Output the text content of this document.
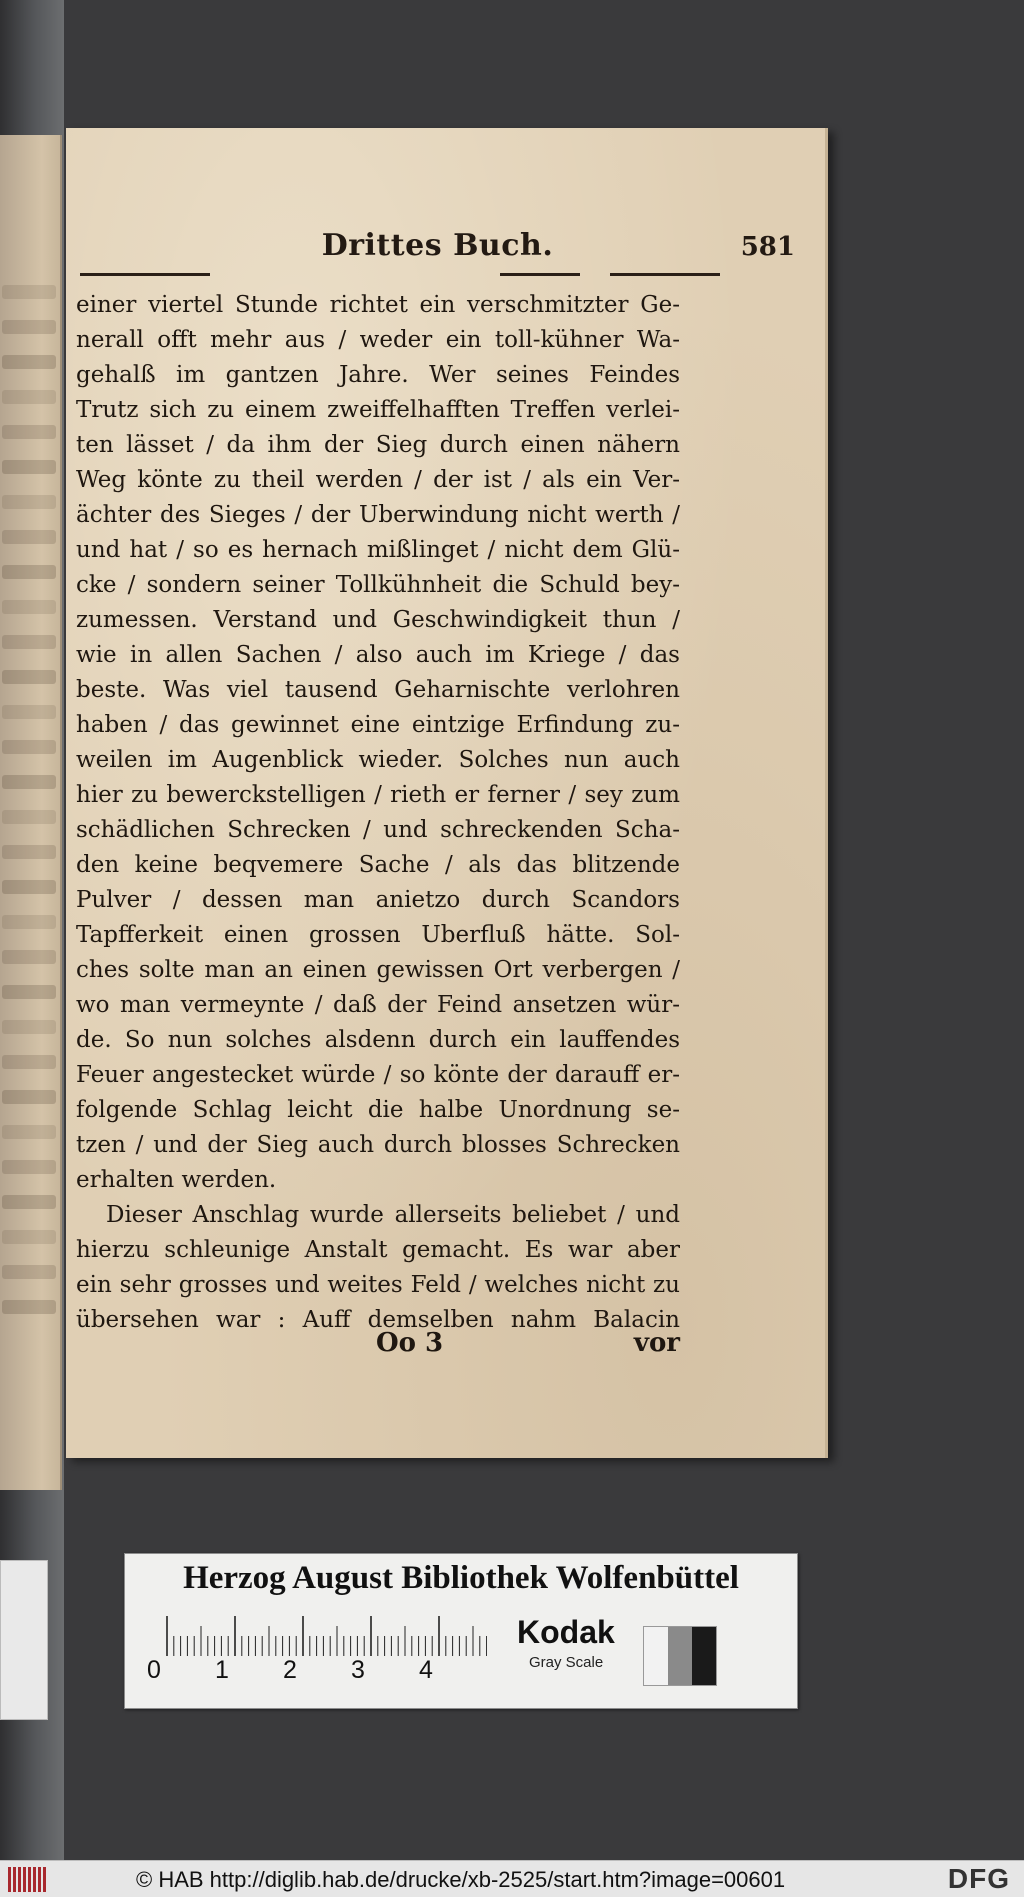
Drittes Buch.	581
einer viertel Stunde richtet ein verschmitzter Ge-
nerall offt mehr aus / weder ein toll-kühner Wa-
gehalß im gantzen Jahre. Wer seines Feindes
Trutz sich zu einem zweiffelhafften Treffen verlei-
ten lässet / da ihm der Sieg durch einen nähern
Weg könte zu theil werden / der ist / als ein Ver-
ächter des Sieges / der Uberwindung nicht werth /
und hat / so es hernach mißlinget / nicht dem Glü-
cke / sondern seiner Tollkühnheit die Schuld bey-
zumessen. Verstand und Geschwindigkeit thun /
wie in allen Sachen / also auch im Kriege / das
beste. Was viel tausend Geharnischte verlohren
haben / das gewinnet eine eintzige Erfindung zu-
weilen im Augenblick wieder. Solches nun auch
hier zu bewerckstelligen / rieth er ferner / sey zum
schädlichen Schrecken / und schreckenden Scha-
den keine beqvemere Sache / als das blitzende
Pulver / dessen man anietzo durch Scandors
Tapfferkeit einen grossen Uberfluß hätte. Sol-
ches solte man an einen gewissen Ort verbergen /
wo man vermeynte / daß der Feind ansetzen wür-
de. So nun solches alsdenn durch ein lauffendes
Feuer angestecket würde / so könte der darauff er-
folgende Schlag leicht die halbe Unordnung se-
tzen / und der Sieg auch durch blosses Schrecken
erhalten werden.
Dieser Anschlag wurde allerseits beliebet / und
hierzu schleunige Anstalt gemacht. Es war aber
ein sehr grosses und weites Feld / welches nicht zu
übersehen war : Auff demselben nahm Balacin
Oo 3	vor
Herzog August Bibliothek Wolfenbüttel
0 1 2 3 4
Kodak
Gray Scale
© HAB http://diglib.hab.de/drucke/xb-2525/start.htm?image=00601	DFG
